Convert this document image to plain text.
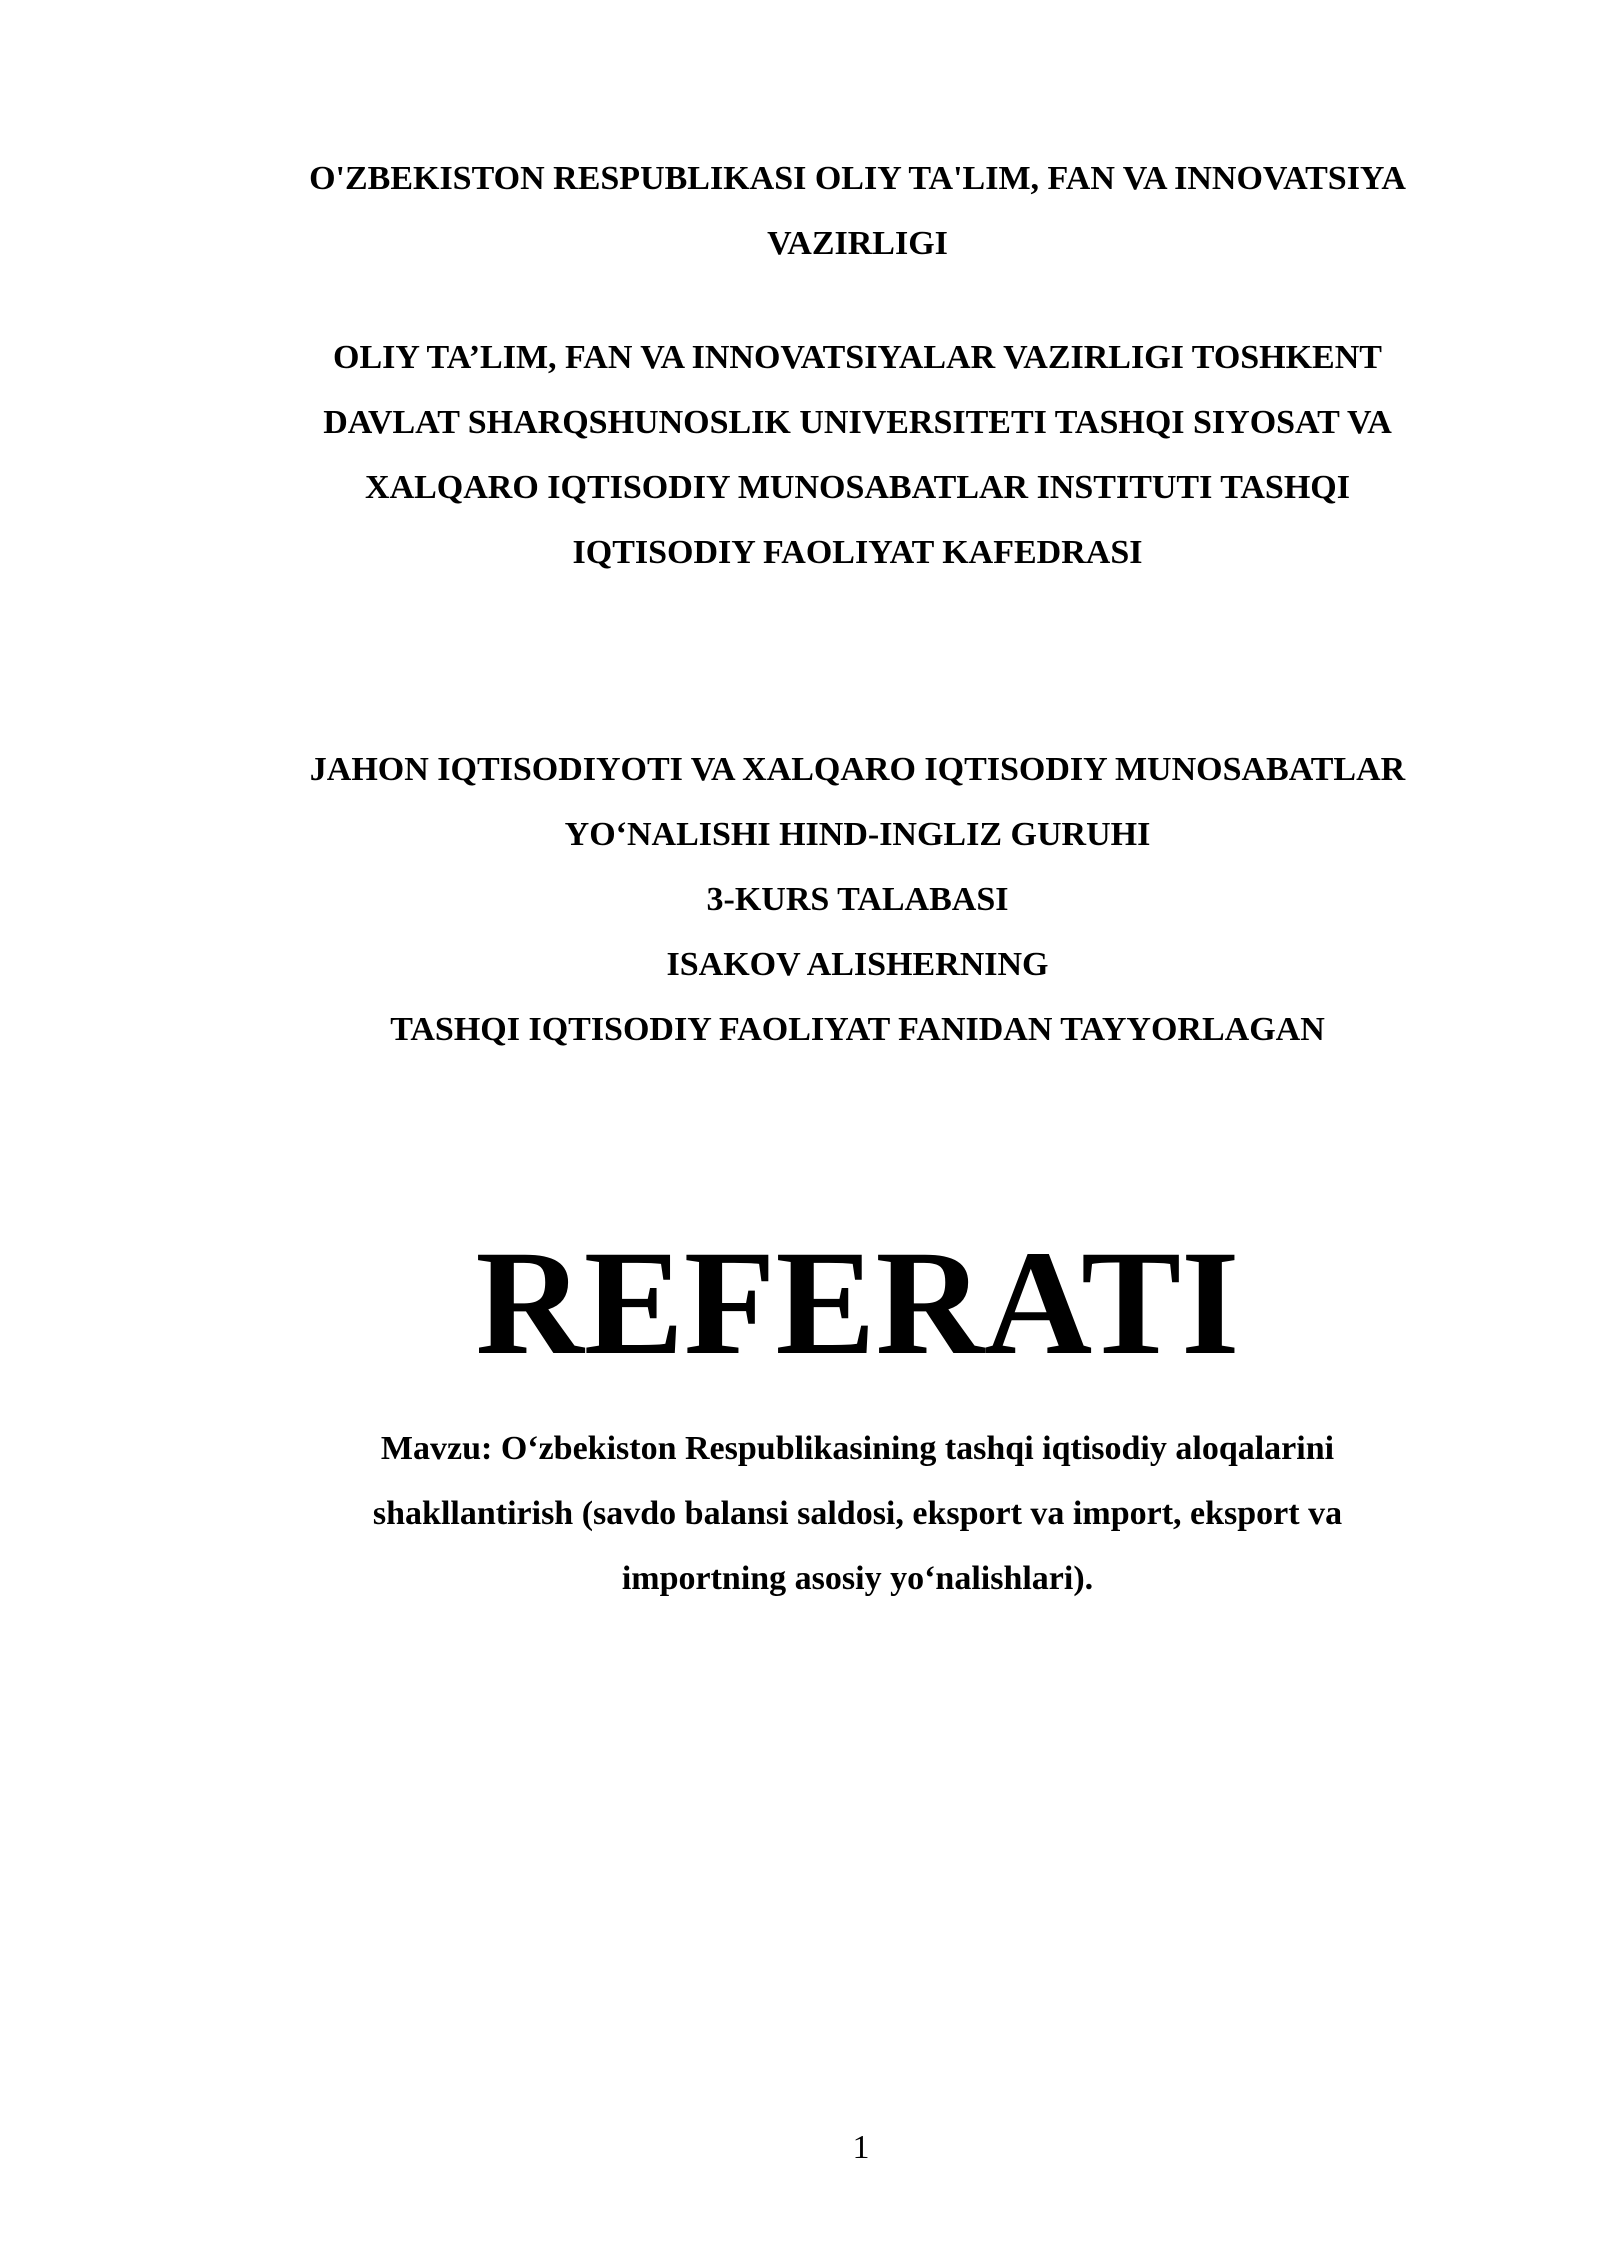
O'ZBEKISTON RESPUBLIKASI OLIY TA'LIM, FAN VA INNOVATSIYA
VAZIRLIGI
OLIY TA’LIM, FAN VA INNOVATSIYALAR VAZIRLIGI TOSHKENT
DAVLAT SHARQSHUNOSLIK UNIVERSITETI TASHQI SIYOSAT VA
XALQARO IQTISODIY MUNOSABATLAR INSTITUTI TASHQI
IQTISODIY FAOLIYAT KAFEDRASI
JAHON IQTISODIYOTI VA XALQARO IQTISODIY MUNOSABATLAR
YO‘NALISHI HIND-INGLIZ GURUHI
3-KURS TALABASI
ISAKOV ALISHERNING
TASHQI IQTISODIY FAOLIYAT FANIDAN TAYYORLAGAN
REFERATI
Mavzu: O‘zbekiston Respublikasining tashqi iqtisodiy aloqalarini
shakllantirish (savdo balansi saldosi, eksport va import, eksport va
importning asosiy yo‘nalishlari).
1
